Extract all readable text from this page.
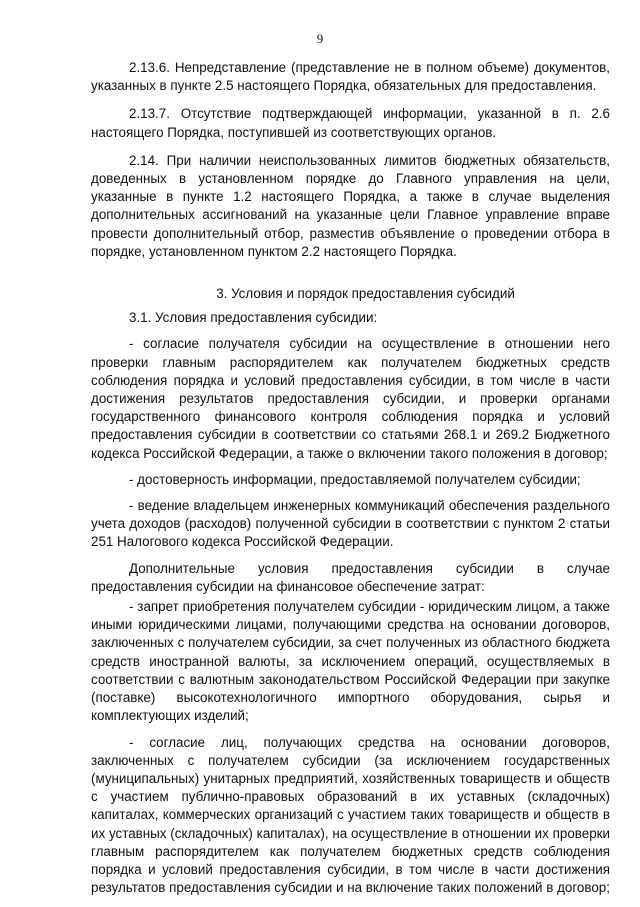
9

2.13.6. Непредставление (представление не в полном объеме) документов, указанных в пункте 2.5 настоящего Порядка, обязательных для предоставления.

2.13.7. Отсутствие подтверждающей информации, указанной в п. 2.6 настоящего Порядка, поступившей из соответствующих органов.

2.14. При наличии неиспользованных лимитов бюджетных обязательств, доведенных в установленном порядке до Главного управления на цели, указанные в пункте 1.2 настоящего Порядка, а также в случае выделения дополнительных ассигнований на указанные цели Главное управление вправе провести дополнительный отбор, разместив объявление о проведении отбора в порядке, установленном пунктом 2.2 настоящего Порядка.

3. Условия и порядок предоставления субсидий

3.1. Условия предоставления субсидии:

- согласие получателя субсидии на осуществление в отношении него проверки главным распорядителем как получателем бюджетных средств соблюдения порядка и условий предоставления субсидии, в том числе в части достижения результатов предоставления субсидии, и проверки органами государственного финансового контроля соблюдения порядка и условий предоставления субсидии в соответствии со статьями 268.1 и 269.2 Бюджетного кодекса Российской Федерации, а также о включении такого положения в договор;

- достоверность информации, предоставляемой получателем субсидии;

- ведение владельцем инженерных коммуникаций обеспечения раздельного учета доходов (расходов) полученной субсидии в соответствии с пунктом 2 статьи 251 Налогового кодекса Российской Федерации.

Дополнительные условия предоставления субсидии в случае предоставления субсидии на финансовое обеспечение затрат:

- запрет приобретения получателем субсидии - юридическим лицом, а также иными юридическими лицами, получающими средства на основании договоров, заключенных с получателем субсидии, за счет полученных из областного бюджета средств иностранной валюты, за исключением операций, осуществляемых в соответствии с валютным законодательством Российской Федерации при закупке (поставке) высокотехнологичного импортного оборудования, сырья и комплектующих изделий;

- согласие лиц, получающих средства на основании договоров, заключенных с получателем субсидии (за исключением государственных (муниципальных) унитарных предприятий, хозяйственных товариществ и обществ с участием публично-правовых образований в их уставных (складочных) капиталах, коммерческих организаций с участием таких товариществ и обществ в их уставных (складочных) капиталах), на осуществление в отношении их проверки главным распорядителем как получателем бюджетных средств соблюдения порядка и условий предоставления субсидии, в том числе в части достижения результатов предоставления субсидии и на включение таких положений в договор;
